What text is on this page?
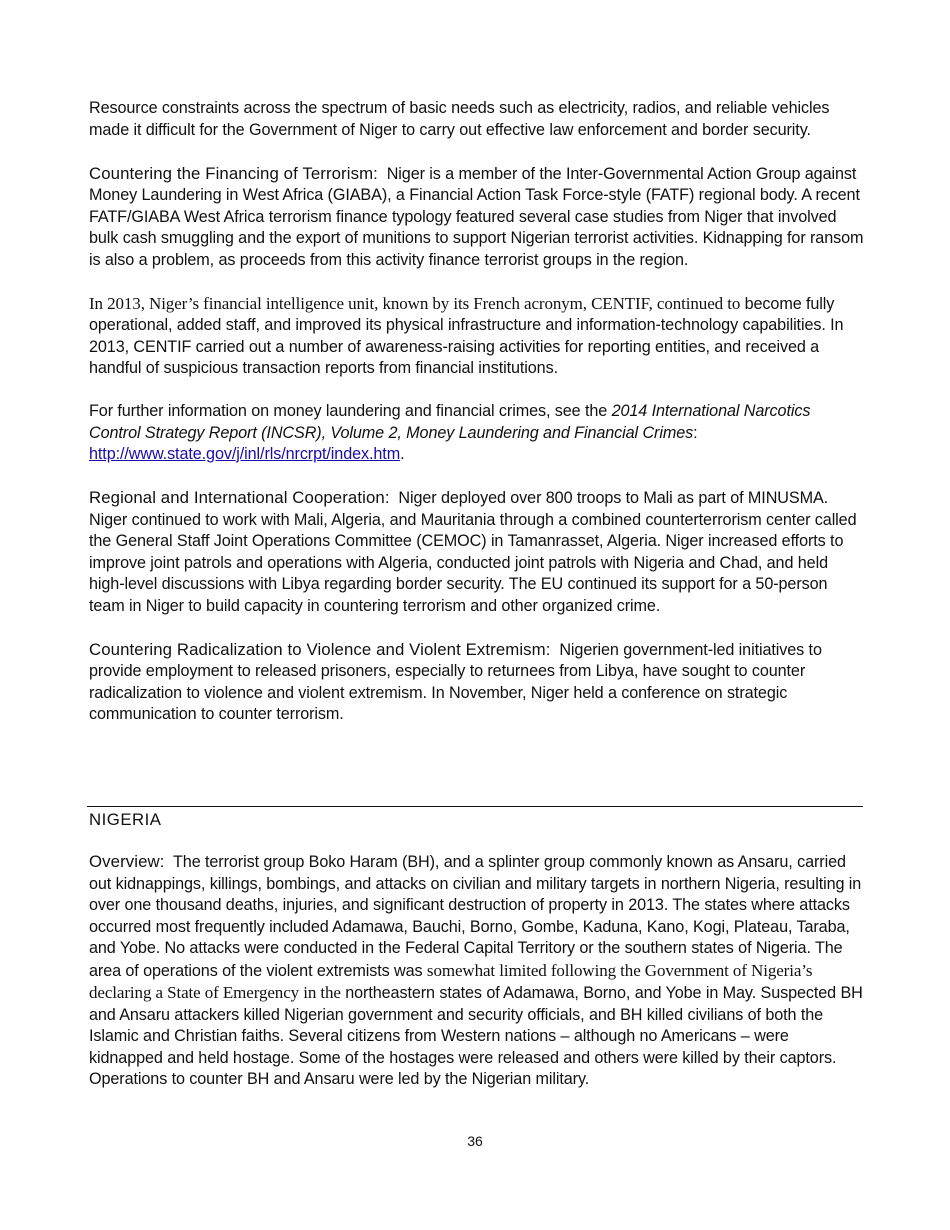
Resource constraints across the spectrum of basic needs such as electricity, radios, and reliable vehicles made it difficult for the Government of Niger to carry out effective law enforcement and border security.

Countering the Financing of Terrorism: Niger is a member of the Inter-Governmental Action Group against Money Laundering in West Africa (GIABA), a Financial Action Task Force-style (FATF) regional body. A recent FATF/GIABA West Africa terrorism finance typology featured several case studies from Niger that involved bulk cash smuggling and the export of munitions to support Nigerian terrorist activities. Kidnapping for ransom is also a problem, as proceeds from this activity finance terrorist groups in the region.

In 2013, Niger’s financial intelligence unit, known by its French acronym, CENTIF, continued to become fully operational, added staff, and improved its physical infrastructure and information-technology capabilities. In 2013, CENTIF carried out a number of awareness-raising activities for reporting entities, and received a handful of suspicious transaction reports from financial institutions.

For further information on money laundering and financial crimes, see the 2014 International Narcotics Control Strategy Report (INCSR), Volume 2, Money Laundering and Financial Crimes: http://www.state.gov/j/inl/rls/nrcrpt/index.htm.

Regional and International Cooperation: Niger deployed over 800 troops to Mali as part of MINUSMA. Niger continued to work with Mali, Algeria, and Mauritania through a combined counterterrorism center called the General Staff Joint Operations Committee (CEMOC) in Tamanrasset, Algeria. Niger increased efforts to improve joint patrols and operations with Algeria, conducted joint patrols with Nigeria and Chad, and held high-level discussions with Libya regarding border security. The EU continued its support for a 50-person team in Niger to build capacity in countering terrorism and other organized crime.

Countering Radicalization to Violence and Violent Extremism: Nigerien government-led initiatives to provide employment to released prisoners, especially to returnees from Libya, have sought to counter radicalization to violence and violent extremism. In November, Niger held a conference on strategic communication to counter terrorism.

NIGERIA

Overview: The terrorist group Boko Haram (BH), and a splinter group commonly known as Ansaru, carried out kidnappings, killings, bombings, and attacks on civilian and military targets in northern Nigeria, resulting in over one thousand deaths, injuries, and significant destruction of property in 2013. The states where attacks occurred most frequently included Adamawa, Bauchi, Borno, Gombe, Kaduna, Kano, Kogi, Plateau, Taraba, and Yobe. No attacks were conducted in the Federal Capital Territory or the southern states of Nigeria. The area of operations of the violent extremists was somewhat limited following the Government of Nigeria’s declaring a State of Emergency in the northeastern states of Adamawa, Borno, and Yobe in May. Suspected BH and Ansaru attackers killed Nigerian government and security officials, and BH killed civilians of both the Islamic and Christian faiths. Several citizens from Western nations – although no Americans – were kidnapped and held hostage. Some of the hostages were released and others were killed by their captors. Operations to counter BH and Ansaru were led by the Nigerian military.

36
